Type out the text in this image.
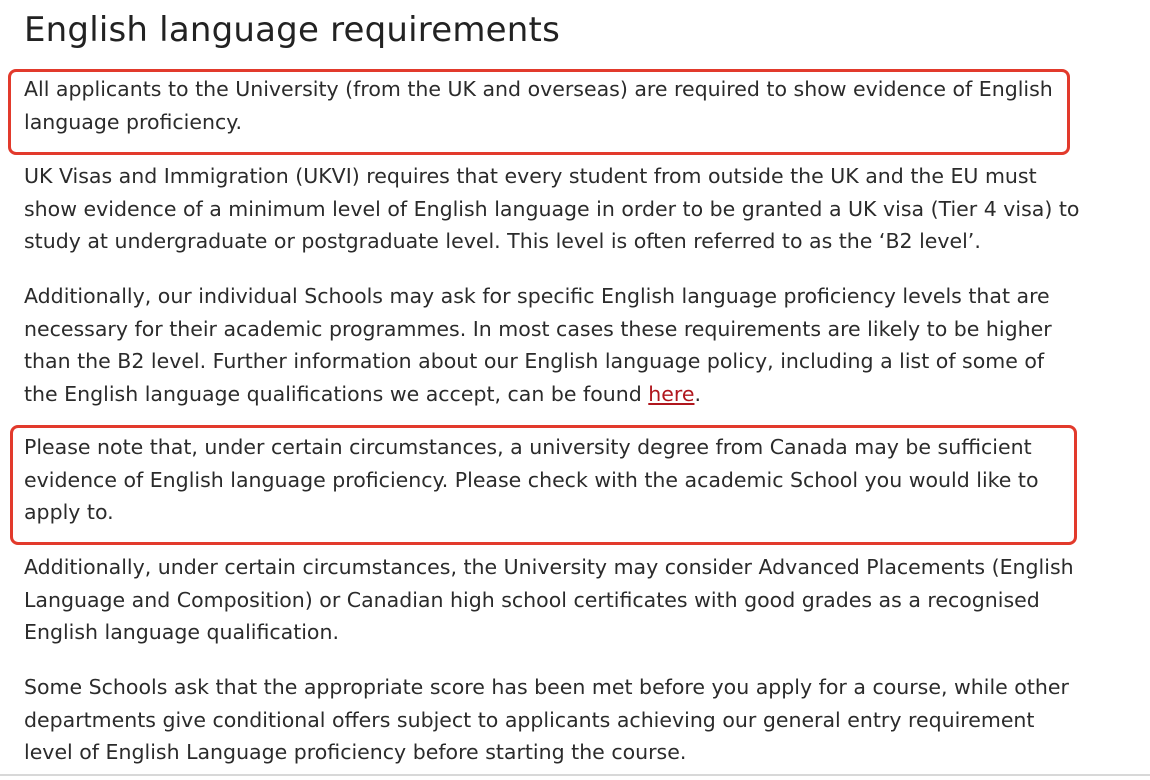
English language requirements

All applicants to the University (from the UK and overseas) are required to show evidence of English language proficiency.

UK Visas and Immigration (UKVI) requires that every student from outside the UK and the EU must show evidence of a minimum level of English language in order to be granted a UK visa (Tier 4 visa) to study at undergraduate or postgraduate level. This level is often referred to as the ‘B2 level’.

Additionally, our individual Schools may ask for specific English language proficiency levels that are necessary for their academic programmes. In most cases these requirements are likely to be higher than the B2 level. Further information about our English language policy, including a list of some of the English language qualifications we accept, can be found here.

Please note that, under certain circumstances, a university degree from Canada may be sufficient evidence of English language proficiency. Please check with the academic School you would like to apply to.

Additionally, under certain circumstances, the University may consider Advanced Placements (English Language and Composition) or Canadian high school certificates with good grades as a recognised English language qualification.

Some Schools ask that the appropriate score has been met before you apply for a course, while other departments give conditional offers subject to applicants achieving our general entry requirement level of English Language proficiency before starting the course.
